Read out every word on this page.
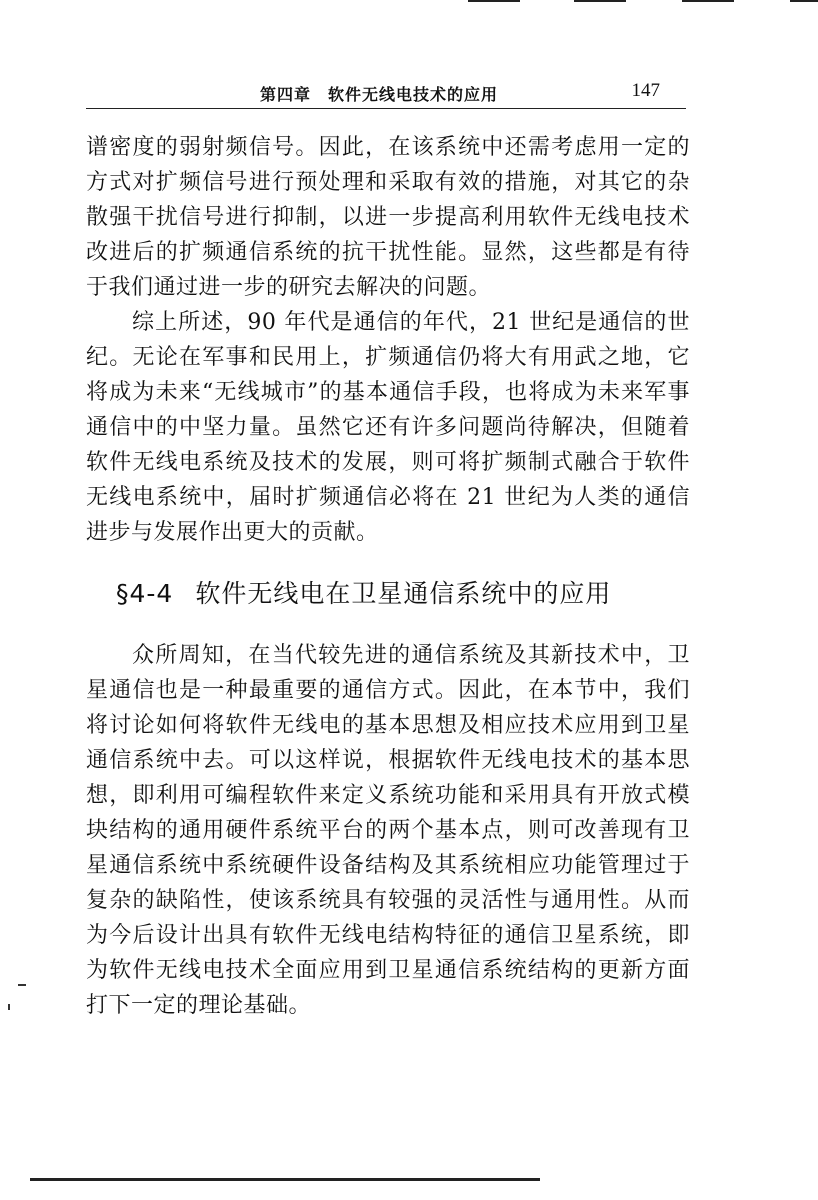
第四章　软件无线电技术的应用	147

谱密度的弱射频信号。因此，在该系统中还需考虑用一定的方式对扩频信号进行预处理和采取有效的措施，对其它的杂散强干扰信号进行抑制，以进一步提高利用软件无线电技术改进后的扩频通信系统的抗干扰性能。显然，这些都是有待于我们通过进一步的研究去解决的问题。

综上所述，90 年代是通信的年代，21 世纪是通信的世纪。无论在军事和民用上，扩频通信仍将大有用武之地，它将成为未来“无线城市”的基本通信手段，也将成为未来军事通信中的中坚力量。虽然它还有许多问题尚待解决，但随着软件无线电系统及技术的发展，则可将扩频制式融合于软件无线电系统中，届时扩频通信必将在 21 世纪为人类的通信进步与发展作出更大的贡献。

§4-4 软件无线电在卫星通信系统中的应用

众所周知，在当代较先进的通信系统及其新技术中，卫星通信也是一种最重要的通信方式。因此，在本节中，我们将讨论如何将软件无线电的基本思想及相应技术应用到卫星通信系统中去。可以这样说，根据软件无线电技术的基本思想，即利用可编程软件来定义系统功能和采用具有开放式模块结构的通用硬件系统平台的两个基本点，则可改善现有卫星通信系统中系统硬件设备结构及其系统相应功能管理过于复杂的缺陷性，使该系统具有较强的灵活性与通用性。从而为今后设计出具有软件无线电结构特征的通信卫星系统，即为软件无线电技术全面应用到卫星通信系统结构的更新方面打下一定的理论基础。
